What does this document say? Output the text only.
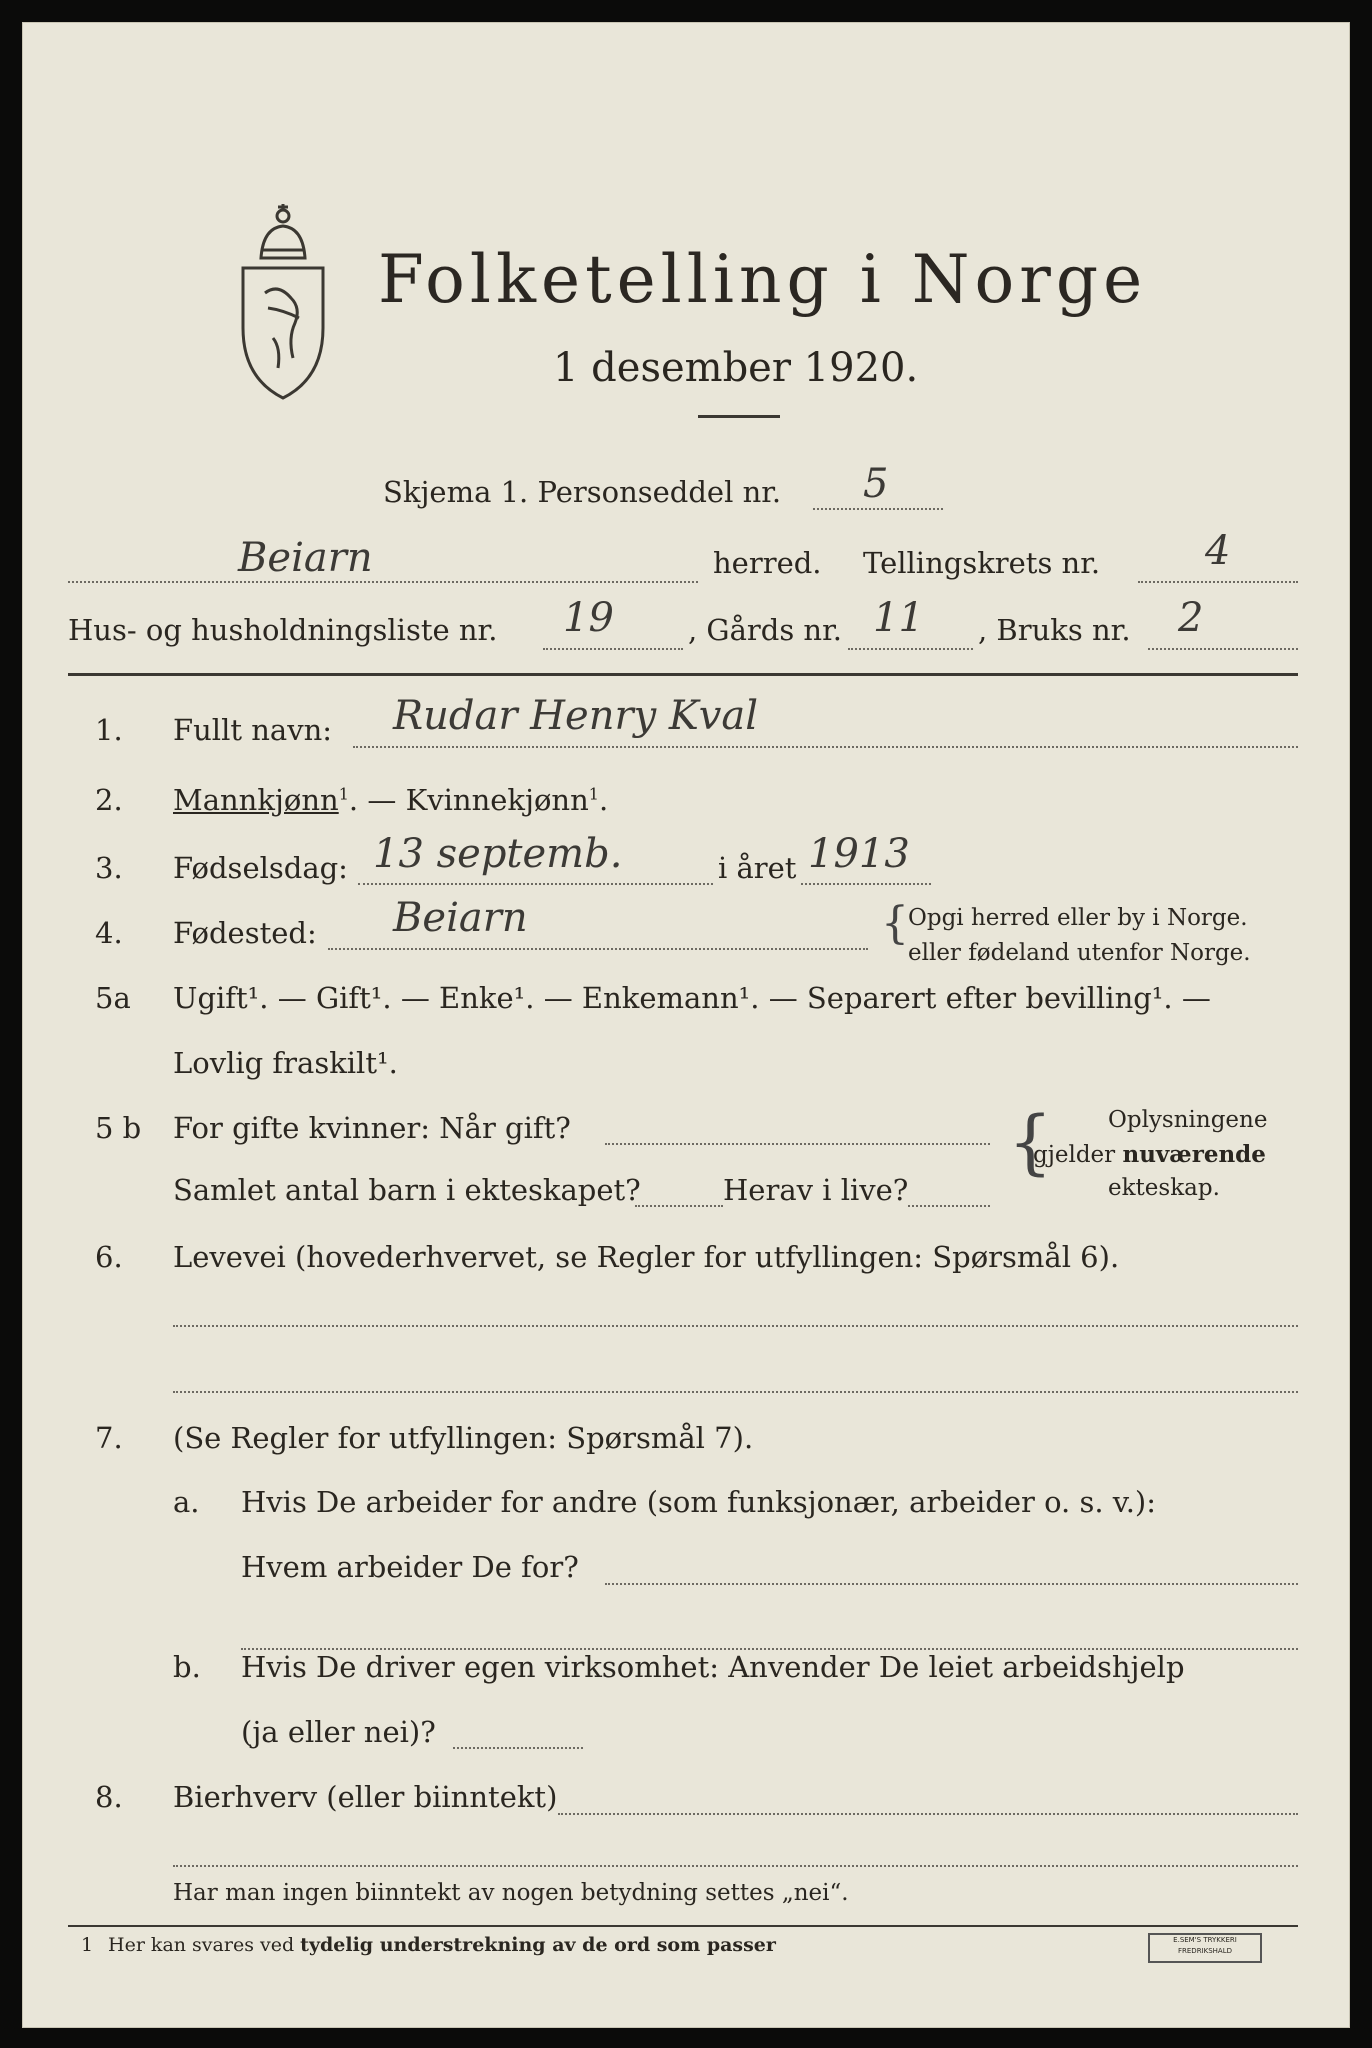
Folketelling i Norge
1 desember 1920.
Skjema 1. Personseddel nr. 5
Beiarn	herred. Tellingskrets nr.	4
Hus- og husholdningsliste nr. 19	, Gårds nr. 11 , Bruks nr. 2
1. Fullt navn: Rudar Henry Kval
2. Mannkjønn$^1$. — Kvinnekjønn$^1$.
3. Fødselsdag: 13 septemb.	i året 1913
4. Fødested: Beiarn	{ Opgi herred eller by i Norge.
eller fødeland utenfor Norge.
5a Ugift¹. — Gift¹. — Enke¹. — Enkemann¹. — Separert efter bevilling¹. —
Lovlig fraskilt¹.
5 b For gifte kvinner: Når gift?
Samlet antal barn i ekteskapet?	Herav i live?
{ Oplysningene
gjelder nuværende
ekteskap.
6. Levevei (hovederhvervet, se Regler for utfyllingen: Spørsmål 6).
7. (Se Regler for utfyllingen: Spørsmål 7).
a. Hvis De arbeider for andre (som funksjonær, arbeider o. s. v.):
Hvem arbeider De for?
b. Hvis De driver egen virksomhet: Anvender De leiet arbeidshjelp
(ja eller nei)?
8. Bierhverv (eller biinntekt)
Har man ingen biinntekt av nogen betydning settes „nei“.
1 Her kan svares ved tydelig understrekning av de ord som passer	E.SEM'S TRYKKERI
FREDRIKSHALD
